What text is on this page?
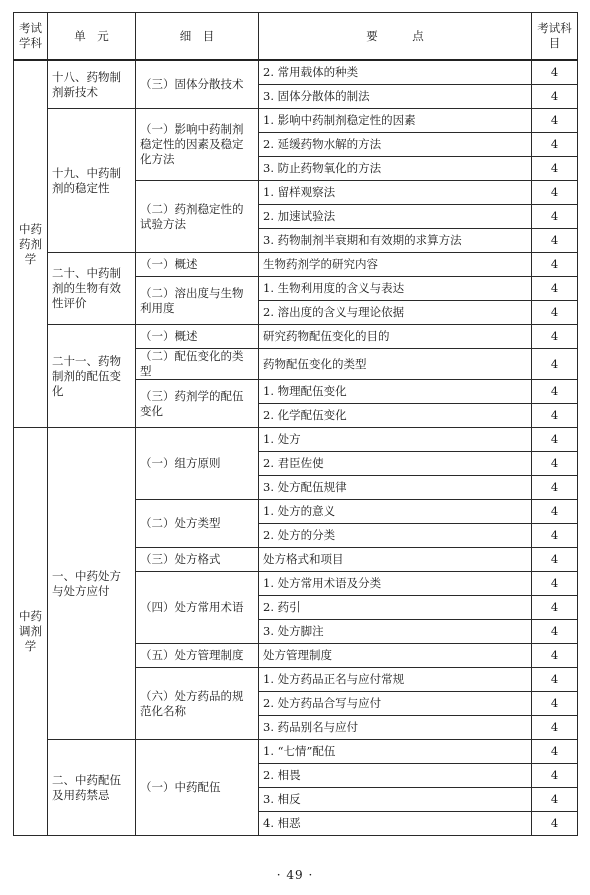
考试学科	单　元	细　目	要　　　点	考试科目
中药药剂学	十八、药物制剂新技术	（三）固体分散技术	2. 常用载体的种类	4
			3. 固体分散体的制法	4
	十九、中药制剂的稳定性	（一）影响中药制剂稳定性的因素及稳定化方法	1. 影响中药制剂稳定性的因素	4
			2. 延缓药物水解的方法	4
			3. 防止药物氧化的方法	4
		（二）药剂稳定性的试验方法	1. 留样观察法	4
			2. 加速试验法	4
			3. 药物制剂半衰期和有效期的求算方法	4
	二十、中药制剂的生物有效性评价	（一）概述	生物药剂学的研究内容	4
		（二）溶出度与生物利用度	1. 生物利用度的含义与表达	4
			2. 溶出度的含义与理论依据	4
	二十一、药物制剂的配伍变化	（一）概述	研究药物配伍变化的目的	4
		（二）配伍变化的类型	药物配伍变化的类型	4
		（三）药剂学的配伍变化	1. 物理配伍变化	4
			2. 化学配伍变化	4
中药调剂学	一、中药处方与处方应付	（一）组方原则	1. 处方	4
			2. 君臣佐使	4
			3. 处方配伍规律	4
		（二）处方类型	1. 处方的意义	4
			2. 处方的分类	4
		（三）处方格式	处方格式和项目	4
		（四）处方常用术语	1. 处方常用术语及分类	4
			2. 药引	4
			3. 处方脚注	4
		（五）处方管理制度	处方管理制度	4
		（六）处方药品的规范化名称	1. 处方药品正名与应付常规	4
			2. 处方药品合写与应付	4
			3. 药品别名与应付	4
	二、中药配伍及用药禁忌	（一）中药配伍	1. “七情”配伍	4
			2. 相畏	4
			3. 相反	4
			4. 相恶	4
· 49 ·
